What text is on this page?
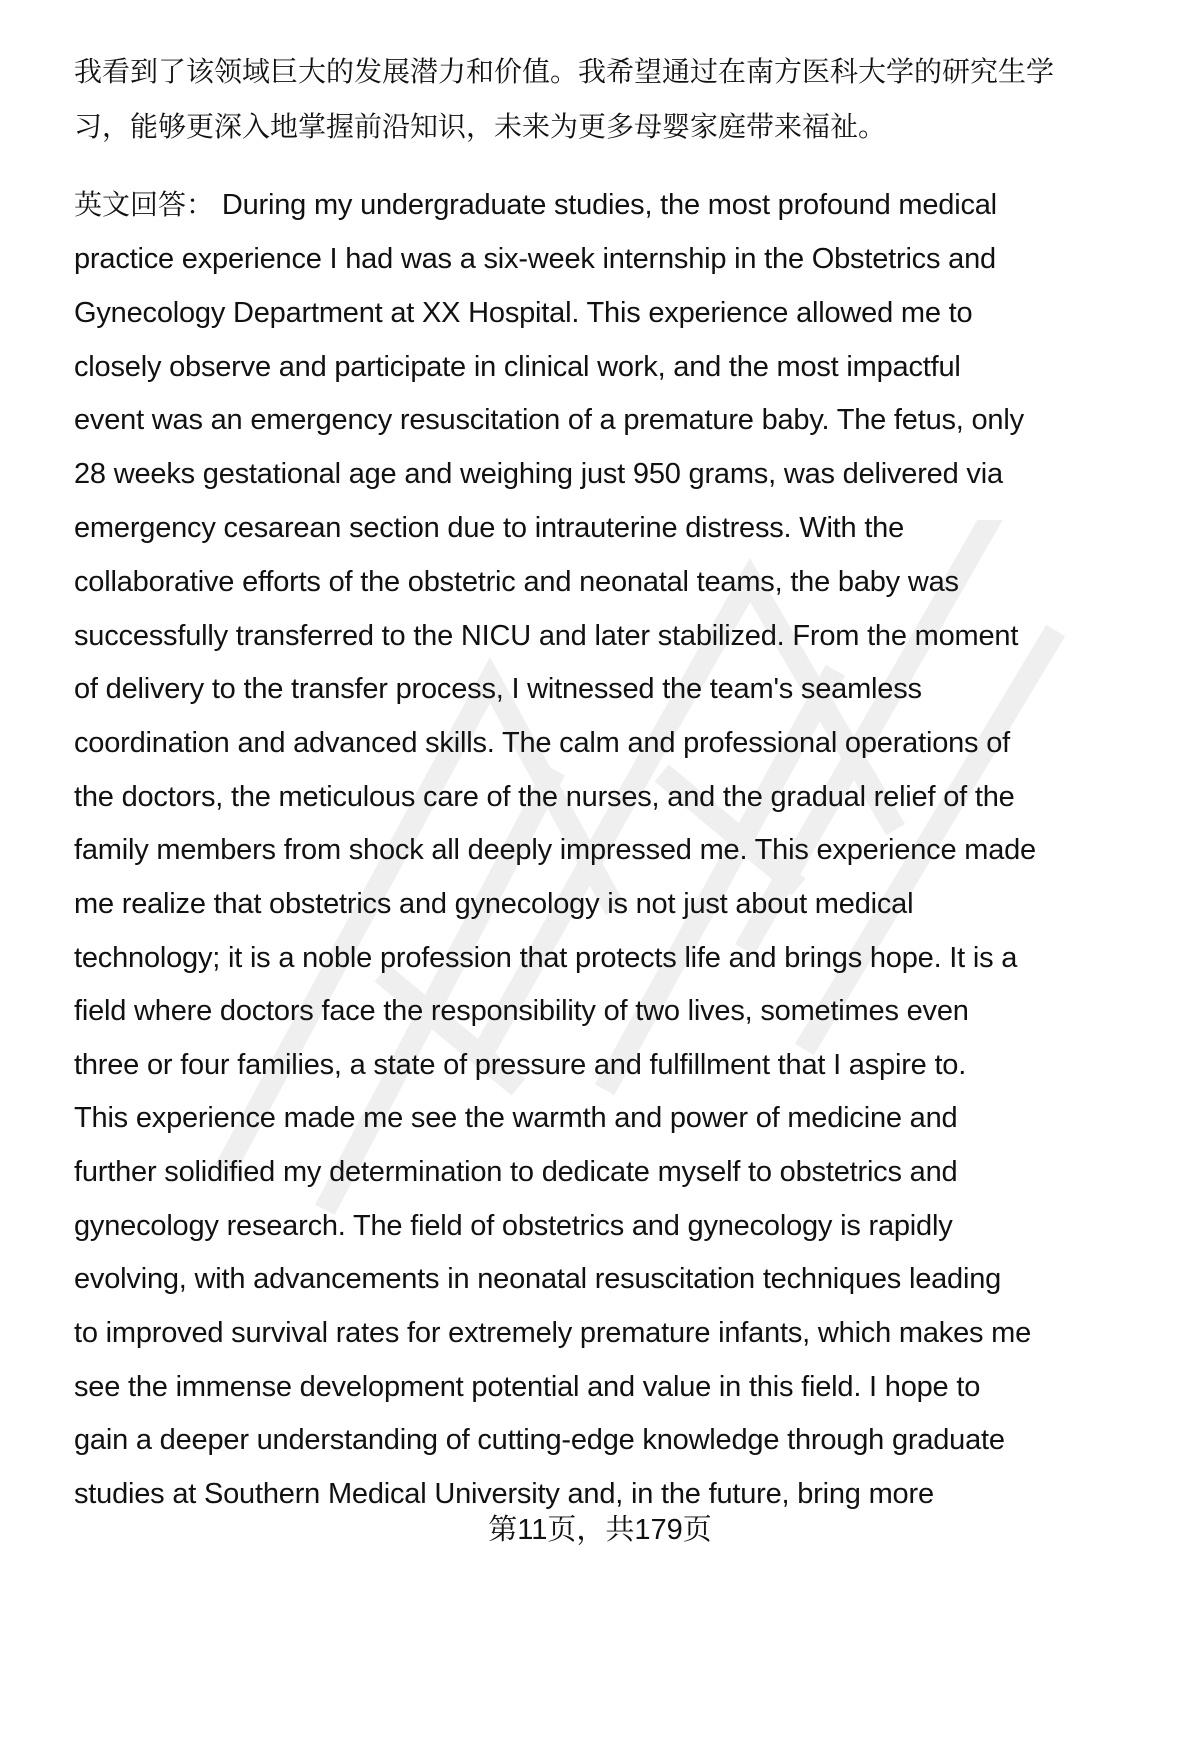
我看到了该领域巨大的发展潜力和价值。我希望通过在南方医科大学的研究生学
习，能够更深入地掌握前沿知识，未来为更多母婴家庭带来福祉。
英文回答： During my undergraduate studies, the most profound medical
practice experience I had was a six-week internship in the Obstetrics and
Gynecology Department at XX Hospital. This experience allowed me to
closely observe and participate in clinical work, and the most impactful
event was an emergency resuscitation of a premature baby. The fetus, only
28 weeks gestational age and weighing just 950 grams, was delivered via
emergency cesarean section due to intrauterine distress. With the
collaborative efforts of the obstetric and neonatal teams, the baby was
successfully transferred to the NICU and later stabilized. From the moment
of delivery to the transfer process, I witnessed the team's seamless
coordination and advanced skills. The calm and professional operations of
the doctors, the meticulous care of the nurses, and the gradual relief of the
family members from shock all deeply impressed me. This experience made
me realize that obstetrics and gynecology is not just about medical
technology; it is a noble profession that protects life and brings hope. It is a
field where doctors face the responsibility of two lives, sometimes even
three or four families, a state of pressure and fulfillment that I aspire to.
This experience made me see the warmth and power of medicine and
further solidified my determination to dedicate myself to obstetrics and
gynecology research. The field of obstetrics and gynecology is rapidly
evolving, with advancements in neonatal resuscitation techniques leading
to improved survival rates for extremely premature infants, which makes me
see the immense development potential and value in this field. I hope to
gain a deeper understanding of cutting-edge knowledge through graduate
studies at Southern Medical University and, in the future, bring more
第11页，共179页
